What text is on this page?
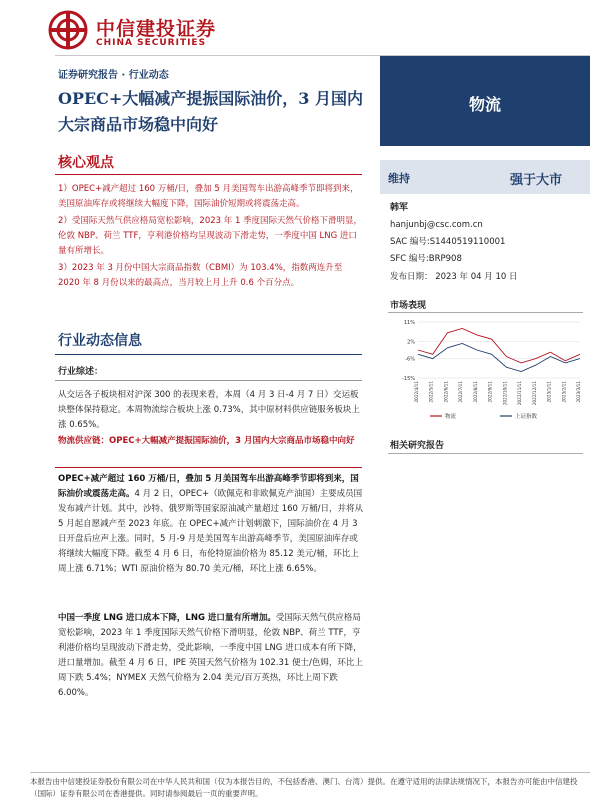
中信建投证券
CHINA SECURITIES
证券研究报告 · 行业动态
OPEC+大幅减产提振国际油价，3 月国内大宗商品市场稳中向好
核心观点

1）OPEC+减产超过 160 万桶/日，叠加 5 月美国驾车出游高峰季节即将到来，美国原油库存或将继续大幅度下降，国际油价短期或将震荡走高。

2）受国际天然气供应格局宽松影响，2023 年 1 季度国际天然气价格下滑明显，伦敦 NBP、荷兰 TTF，亨利港价格均呈现波动下滑走势，一季度中国 LNG 进口量有所增长。

3）2023 年 3 月份中国大宗商品指数（CBMI）为 103.4%，指数两连升至 2020 年 8 月份以来的最高点，当月较上月上升 0.6 个百分点。

行业动态信息
行业综述：
从交运各子板块相对沪深 300 的表现来看，本周（4 月 3 日-4 月 7 日）交运板块整体保持稳定。本周物流综合板块上涨 0.73%，其中原材料供应链服务板块上涨 0.65%。
物流供应链：OPEC+大幅减产提振国际油价，3 月国内大宗商品市场稳中向好
OPEC+减产超过 160 万桶/日，叠加 5 月美国驾车出游高峰季节即将到来，国际油价或震荡走高。4 月 2 日，OPEC+（欧佩克和非欧佩克产油国）主要成员国发布减产计划。其中，沙特、俄罗斯等国家原油减产量超过 160 万桶/日，并将从 5 月起自愿减产至 2023 年底。在 OPEC+减产计划刺激下，国际油价在 4 月 3 日开盘后应声上涨。同时，5 月-9 月是美国驾车出游高峰季节，美国原油库存或将继续大幅度下降。截至 4 月 6 日，布伦特原油价格为 85.12 美元/桶，环比上周上涨 6.71%；WTI 原油价格为 80.70 美元/桶，环比上涨 6.65%。
中国一季度 LNG 进口成本下降，LNG 进口量有所增加。受国际天然气供应格局宽松影响，2023 年 1 季度国际天然气价格下滑明显，伦敦 NBP、荷兰 TTF，亨利港价格均呈现波动下滑走势，受此影响，一季度中国 LNG 进口成本有所下降，进口量增加。截至 4 月 6 日，IPE 英国天然气价格为 102.31 便士/色姆，环比上周下跌 5.4%；NYMEX 天然气价格为 2.04 美元/百万英热，环比上周下跌 6.00%。
物流
维持	强于大市
韩军
hanjunbj@csc.com.cn
SAC 编号:S1440519110001
SFC 编号:BRP908
发布日期： 2023 年 04 月 10 日
市场表现
11%
2%
-6%
-15%
2022/4/11 2022/5/11 2022/6/11 2022/7/11 2022/8/11 2022/9/11 2022/10/11 2022/11/11 2022/12/11 2023/1/11 2023/2/11 2023/3/11
物流	上证指数
相关研究报告
本报告由中信建投证券股份有限公司在中华人民共和国（仅为本报告目的，不包括香港、澳门、台湾）提供。在遵守适用的法律法规情况下，本报告亦可能由中信建投（国际）证券有限公司在香港提供。同时请参阅最后一页的重要声明。
